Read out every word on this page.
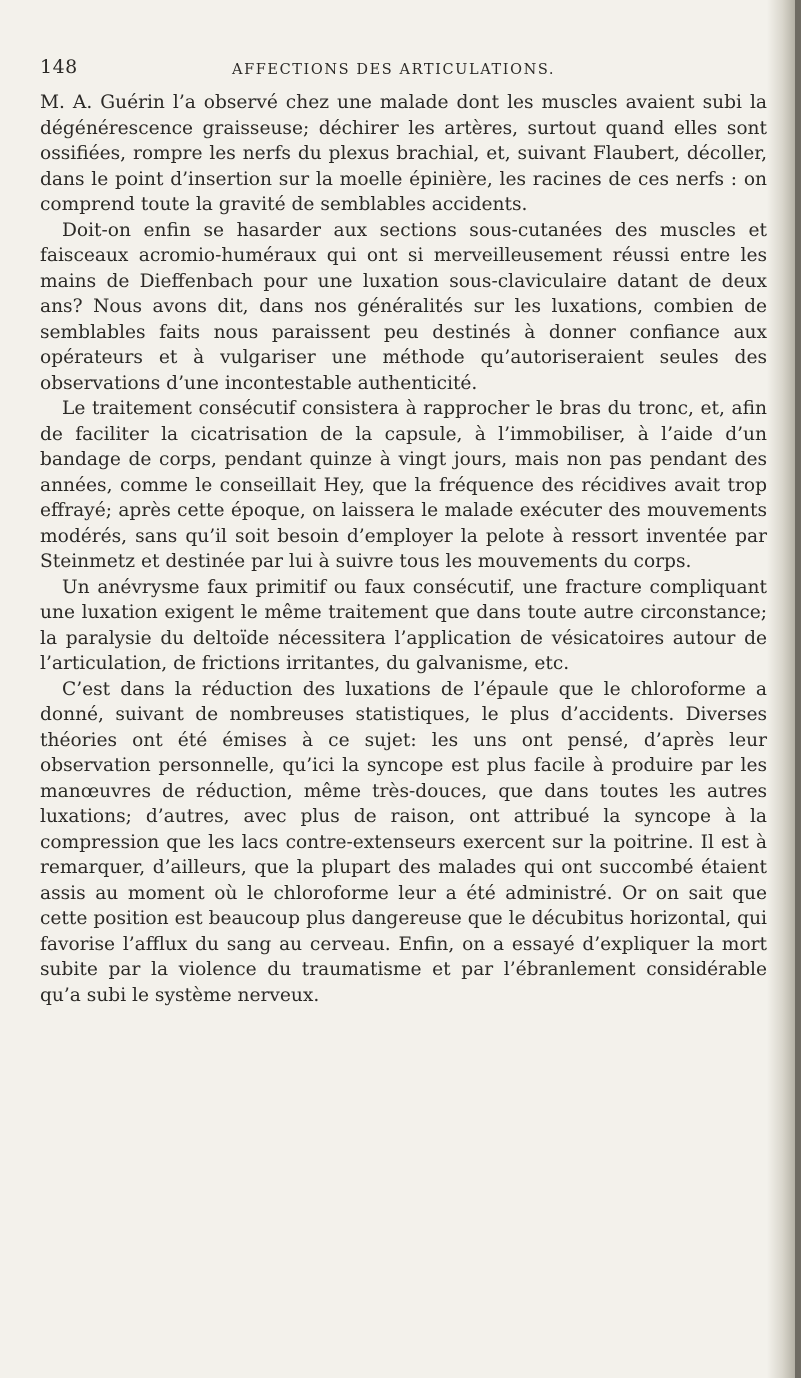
148	AFFECTIONS DES ARTICULATIONS.

M. A. Guérin l’a observé chez une malade dont les muscles avaient subi la dégénérescence graisseuse; déchirer les artères, surtout quand elles sont ossifiées, rompre les nerfs du plexus brachial, et, suivant Flaubert, décoller, dans le point d’insertion sur la moelle épinière, les racines de ces nerfs : on comprend toute la gravité de semblables accidents.

Doit-on enfin se hasarder aux sections sous-cutanées des muscles et faisceaux acromio-huméraux qui ont si merveilleusement réussi entre les mains de Dieffenbach pour une luxation sous-claviculaire datant de deux ans? Nous avons dit, dans nos généralités sur les luxations, combien de semblables faits nous paraissent peu destinés à donner confiance aux opérateurs et à vulgariser une méthode qu’autoriseraient seules des observations d’une incontestable authenticité.

Le traitement consécutif consistera à rapprocher le bras du tronc, et, afin de faciliter la cicatrisation de la capsule, à l’immobiliser, à l’aide d’un bandage de corps, pendant quinze à vingt jours, mais non pas pendant des années, comme le conseillait Hey, que la fréquence des récidives avait trop effrayé; après cette époque, on laissera le malade exécuter des mouvements modérés, sans qu’il soit besoin d’employer la pelote à ressort inventée par Steinmetz et destinée par lui à suivre tous les mouvements du corps.

Un anévrysme faux primitif ou faux consécutif, une fracture compliquant une luxation exigent le même traitement que dans toute autre circonstance; la paralysie du deltoïde nécessitera l’application de vésicatoires autour de l’articulation, de frictions irritantes, du galvanisme, etc.

C’est dans la réduction des luxations de l’épaule que le chloroforme a donné, suivant de nombreuses statistiques, le plus d’accidents. Diverses théories ont été émises à ce sujet: les uns ont pensé, d’après leur observation personnelle, qu’ici la syncope est plus facile à produire par les manœuvres de réduction, même très-douces, que dans toutes les autres luxations; d’autres, avec plus de raison, ont attribué la syncope à la compression que les lacs contre-extenseurs exercent sur la poitrine. Il est à remarquer, d’ailleurs, que la plupart des malades qui ont succombé étaient assis au moment où le chloroforme leur a été administré. Or on sait que cette position est beaucoup plus dangereuse que le décubitus horizontal, qui favorise l’afflux du sang au cerveau. Enfin, on a essayé d’expliquer la mort subite par la violence du traumatisme et par l’ébranlement considérable qu’a subi le système nerveux.
